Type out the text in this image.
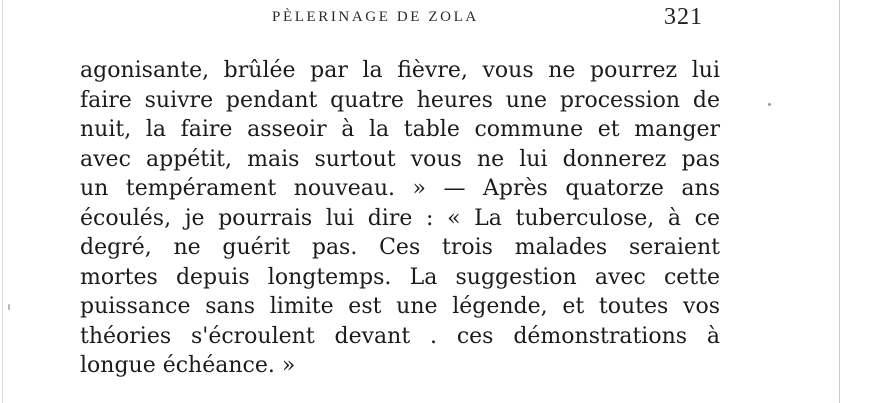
PÈLERINAGE DE ZOLA	321
agonisante, brûlée par la fièvre, vous ne pourrez lui
faire suivre pendant quatre heures une procession de
nuit, la faire asseoir à la table commune et manger
avec appétit, mais surtout vous ne lui donnerez pas
un tempérament nouveau. » — Après quatorze ans
écoulés, je pourrais lui dire : « La tuberculose, à ce
degré, ne guérit pas. Ces trois malades seraient
mortes depuis longtemps. La suggestion avec cette
puissance sans limite est une légende, et toutes vos
théories s'écroulent devant . ces démonstrations à
longue échéance. »
